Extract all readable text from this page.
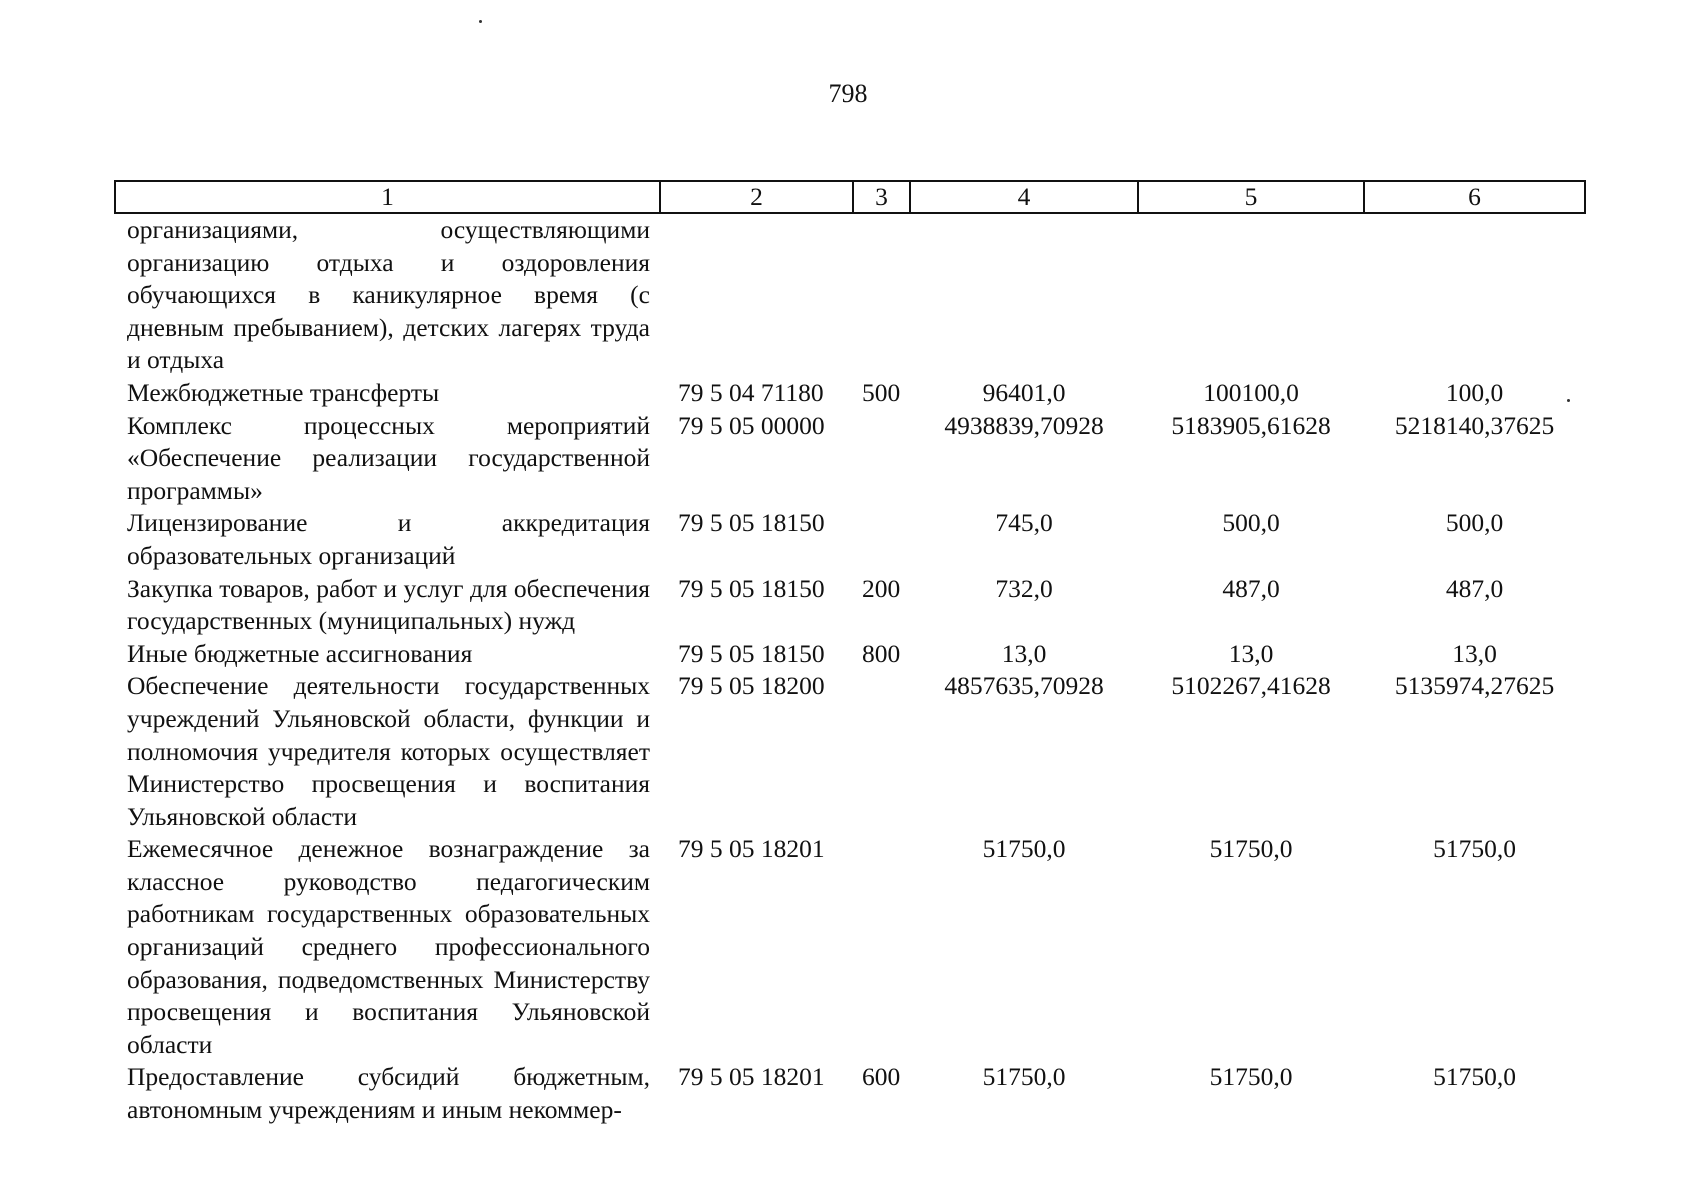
798
1	2	3	4	5	6
организациями, осуществляющими организацию отдыха и оздоровления обучающихся в каникулярное время (с дневным пребыванием), детских лагерях труда и отдыха					
Межбюджетные трансферты	79 5 04 71180	500	96401,0	100100,0	100,0
Комплекс процессных мероприятий «Обеспечение реализации государственной программы»	79 5 05 00000		4938839,70928	5183905,61628	5218140,37625
Лицензирование и аккредитация образовательных организаций	79 5 05 18150		745,0	500,0	500,0
Закупка товаров, работ и услуг для обеспечения государственных (муниципальных) нужд	79 5 05 18150	200	732,0	487,0	487,0
Иные бюджетные ассигнования	79 5 05 18150	800	13,0	13,0	13,0
Обеспечение деятельности государственных учреждений Ульяновской области, функции и полномочия учредителя которых осуществляет Министерство просвещения и воспитания Ульяновской области	79 5 05 18200		4857635,70928	5102267,41628	5135974,27625
Ежемесячное денежное вознаграждение за классное руководство педагогическим работникам государственных образовательных организаций среднего профессионального образования, подведомственных Министерству просвещения и воспитания Ульяновской области	79 5 05 18201		51750,0	51750,0	51750,0
Предоставление субсидий бюджетным, автономным учреждениям и иным некоммер-	79 5 05 18201	600	51750,0	51750,0	51750,0
